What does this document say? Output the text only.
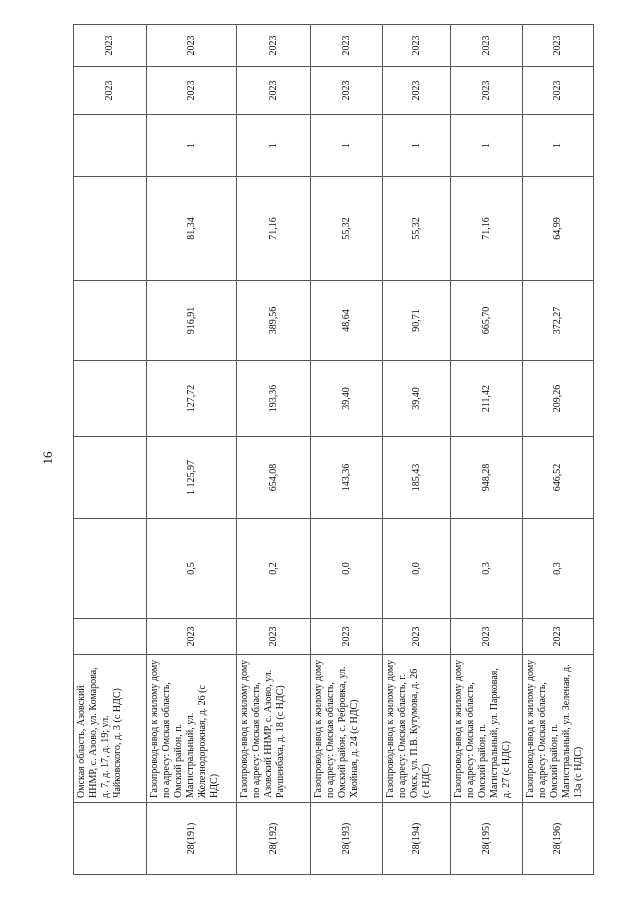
16
	Омская область, Азовский ННМР, с. Азово, ул. Комарова, д. 7, д. 17, д. 19; ул. Чайковского, д. 3 (с НДС)								2023	2023
28(191)	Газопровод-ввод к жилому дому по адресу: Омская область, Омский район, п. Магистральный, ул. Железнодорожная, д. 26 (с НДС)	2023	0,5	1 125,97	127,72	916,91	81,34	1	2023	2023
28(192)	Газопровод-ввод к жилому дому по адресу: Омская область, Азовский ННМР, с. Азово, ул. Раушенбаха, д. 18 (с НДС)	2023	0,2	654,08	193,36	389,56	71,16	1	2023	2023
28(193)	Газопровод-ввод к жилому дому по адресу: Омская область, Омский район, с. Ребровка, ул. Хвойная, д. 24 (с НДС)	2023	0,0	143,36	39,40	48,64	55,32	1	2023	2023
28(194)	Газопровод-ввод к жилому дому по адресу: Омская область, г. Омск, ул. П.В. Кутумова, д. 26 (с НДС)	2023	0,0	185,43	39,40	90,71	55,32	1	2023	2023
28(195)	Газопровод-ввод к жилому дому по адресу: Омская область, Омский район, п. Магистральный, ул. Парковая, д. 27 (с НДС)	2023	0,3	948,28	211,42	665,70	71,16	1	2023	2023
28(196)	Газопровод-ввод к жилому дому по адресу: Омская область, Омский район, п. Магистральный, ул. Зеленая, д. 13а (с НДС)	2023	0,3	646,52	209,26	372,27	64,99	1	2023	2023
